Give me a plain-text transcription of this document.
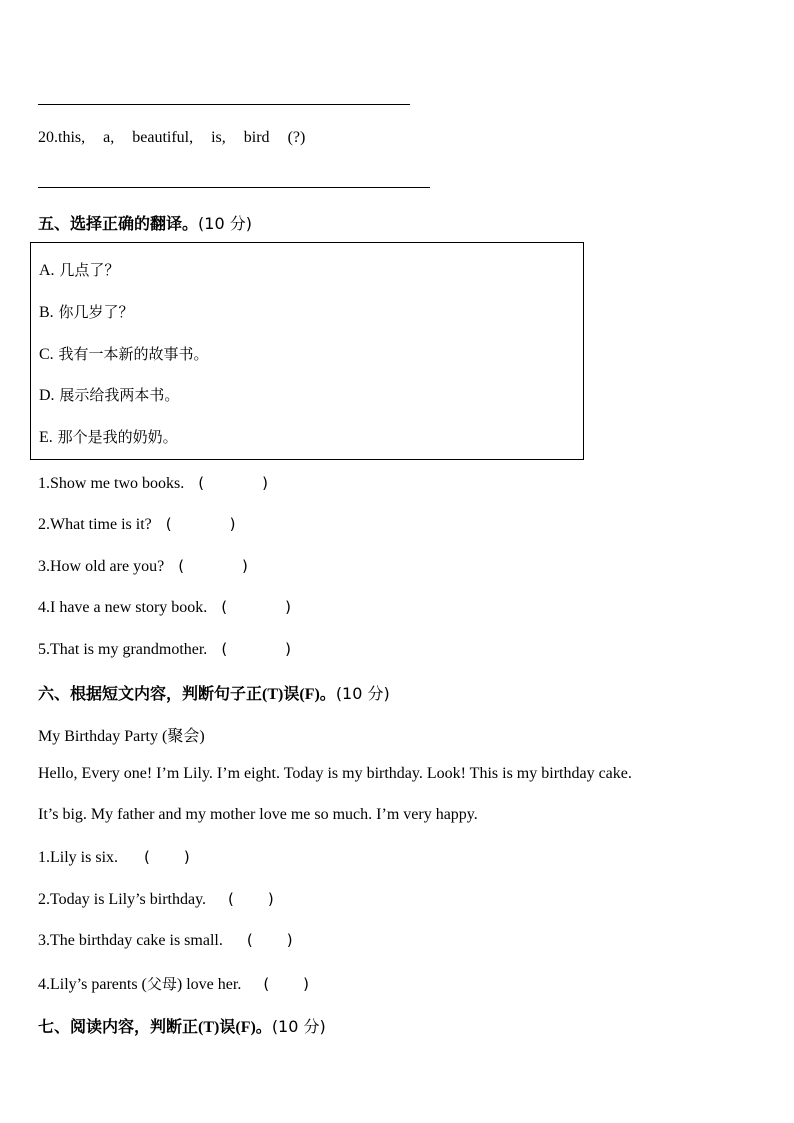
20.this, a, beautiful, is, bird (?)
五、选择正确的翻译。(10 分)
A. 几点了？
B. 你几岁了？
C. 我有一本新的故事书。
D. 展示给我两本书。
E. 那个是我的奶奶。
1.Show me two books. (	)
2.What time is it? (	)
3.How old are you? (	)
4.I have a new story book. (	)
5.That is my grandmother. (	)
六、根据短文内容，判断句子正(T)误(F)。(10 分)
My Birthday Party (聚会)
Hello, Every one! I’m Lily. I’m eight. Today is my birthday. Look! This is my birthday cake.
It’s big. My father and my mother love me so much. I’m very happy.
1.Lily is six. ( )
2.Today is Lily’s birthday. ( )
3.The birthday cake is small. ( )
4.Lily’s parents (父母) love her. ( )
七、阅读内容，判断正(T)误(F)。(10 分)
